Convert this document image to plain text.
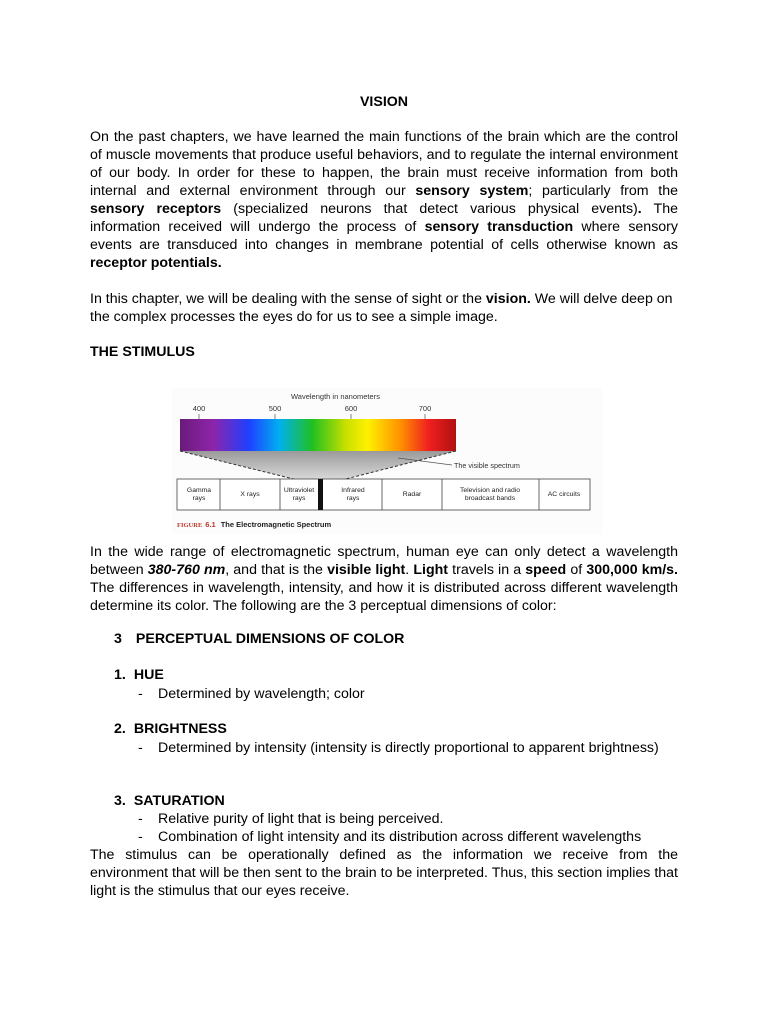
VISION
On the past chapters, we have learned the main functions of the brain which are the control of muscle movements that produce useful behaviors, and to regulate the internal environment of our body. In order for these to happen, the brain must receive information from both internal and external environment through our sensory system; particularly from the sensory receptors (specialized neurons that detect various physical events). The information received will undergo the process of sensory transduction where sensory events are transduced into changes in membrane potential of cells otherwise known as receptor potentials.
In this chapter, we will be dealing with the sense of sight or the vision. We will delve deep on the complex processes the eyes do for us to see a simple image.
THE STIMULUS
Wavelength in nanometers
400	500	600	700
The visible spectrum
Gamma rays
X rays
Ultraviolet rays
Infrared rays
Radar
Television and radio broadcast bands
AC circuits
FIGURE 6.1 The Electromagnetic Spectrum
In the wide range of electromagnetic spectrum, human eye can only detect a wavelength between 380-760 nm, and that is the visible light. Light travels in a speed of 300,000 km/s. The differences in wavelength, intensity, and how it is distributed across different wavelength determine its color. The following are the 3 perceptual dimensions of color:
3 PERCEPTUAL DIMENSIONS OF COLOR
1. HUE
-	Determined by wavelength; color
2. BRIGHTNESS
-	Determined by intensity (intensity is directly proportional to apparent brightness)
3. SATURATION
-	Relative purity of light that is being perceived.
-	Combination of light intensity and its distribution across different wavelengths
The stimulus can be operationally defined as the information we receive from the environment that will be then sent to the brain to be interpreted. Thus, this section implies that light is the stimulus that our eyes receive.
